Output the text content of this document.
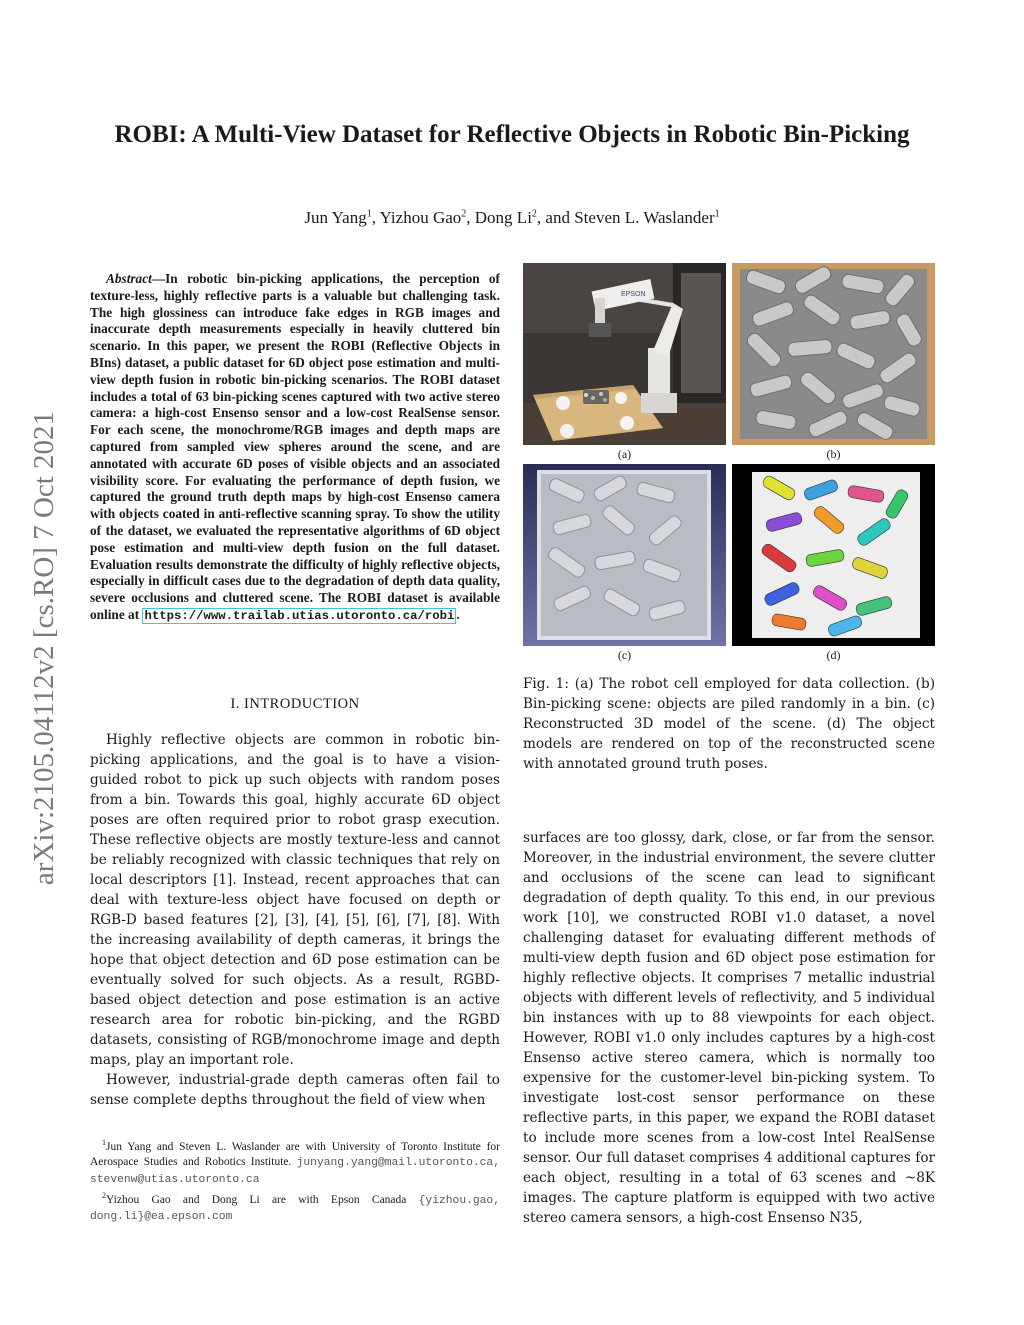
arXiv:2105.04112v2 [cs.RO] 7 Oct 2021
ROBI: A Multi-View Dataset for Reflective Objects in Robotic Bin-Picking
Jun Yang$^1$, Yizhou Gao$^2$, Dong Li$^2$, and Steven L. Waslander$^1$
Abstract—In robotic bin-picking applications, the perception of texture-less, highly reflective parts is a valuable but challenging task. The high glossiness can introduce fake edges in RGB images and inaccurate depth measurements especially in heavily cluttered bin scenario. In this paper, we present the ROBI (Reflective Objects in BIns) dataset, a public dataset for 6D object pose estimation and multi-view depth fusion in robotic bin-picking scenarios. The ROBI dataset includes a total of 63 bin-picking scenes captured with two active stereo camera: a high-cost Ensenso sensor and a low-cost RealSense sensor. For each scene, the monochrome/RGB images and depth maps are captured from sampled view spheres around the scene, and are annotated with accurate 6D poses of visible objects and an associated visibility score. For evaluating the performance of depth fusion, we captured the ground truth depth maps by high-cost Ensenso camera with objects coated in anti-reflective scanning spray. To show the utility of the dataset, we evaluated the representative algorithms of 6D object pose estimation and multi-view depth fusion on the full dataset. Evaluation results demonstrate the difficulty of highly reflective objects, especially in difficult cases due to the degradation of depth data quality, severe occlusions and cluttered scene. The ROBI dataset is available online at https://www.trailab.utias.utoronto.ca/robi .
I. INTRODUCTION

Highly reflective objects are common in robotic bin-picking applications, and the goal is to have a vision-guided robot to pick up such objects with random poses from a bin. Towards this goal, highly accurate 6D object poses are often required prior to robot grasp execution. These reflective objects are mostly texture-less and cannot be reliably recognized with classic techniques that rely on local descriptors [1]. Instead, recent approaches that can deal with texture-less object have focused on depth or RGB-D based features [2], [3], [4], [5], [6], [7], [8]. With the increasing availability of depth cameras, it brings the hope that object detection and 6D pose estimation can be eventually solved for such objects. As a result, RGBD-based object detection and pose estimation is an active research area for robotic bin-picking, and the RGBD datasets, consisting of RGB/monochrome image and depth maps, play an important role.

However, industrial-grade depth cameras often fail to sense complete depths throughout the field of view when

$^1$Jun Yang and Steven L. Waslander are with University of Toronto Institute for Aerospace Studies and Robotics Institute. junyang.yang@mail.utoronto.ca, stevenw@utias.utoronto.ca

$^2$Yizhou Gao and Dong Li are with Epson Canada {yizhou.gao, dong.li}@ea.epson.com

EPSON
(a)	(b)
(c)	(d)
Fig. 1: (a) The robot cell employed for data collection. (b) Bin-picking scene: objects are piled randomly in a bin. (c) Reconstructed 3D model of the scene. (d) The object models are rendered on top of the reconstructed scene with annotated ground truth poses.

surfaces are too glossy, dark, close, or far from the sensor. Moreover, in the industrial environment, the severe clutter and occlusions of the scene can lead to significant degradation of depth quality. To this end, in our previous work [10], we constructed ROBI v1.0 dataset, a novel challenging dataset for evaluating different methods of multi-view depth fusion and 6D object pose estimation for highly reflective objects. It comprises 7 metallic industrial objects with different levels of reflectivity, and 5 individual bin instances with up to 88 viewpoints for each object. However, ROBI v1.0 only includes captures by a high-cost Ensenso active stereo camera, which is normally too expensive for the customer-level bin-picking system. To investigate lost-cost sensor performance on these reflective parts, in this paper, we expand the ROBI dataset to include more scenes from a low-cost Intel RealSense sensor. Our full dataset comprises 4 additional captures for each object, resulting in a total of 63 scenes and ~8K images. The capture platform is equipped with two active stereo camera sensors, a high-cost Ensenso N35,
